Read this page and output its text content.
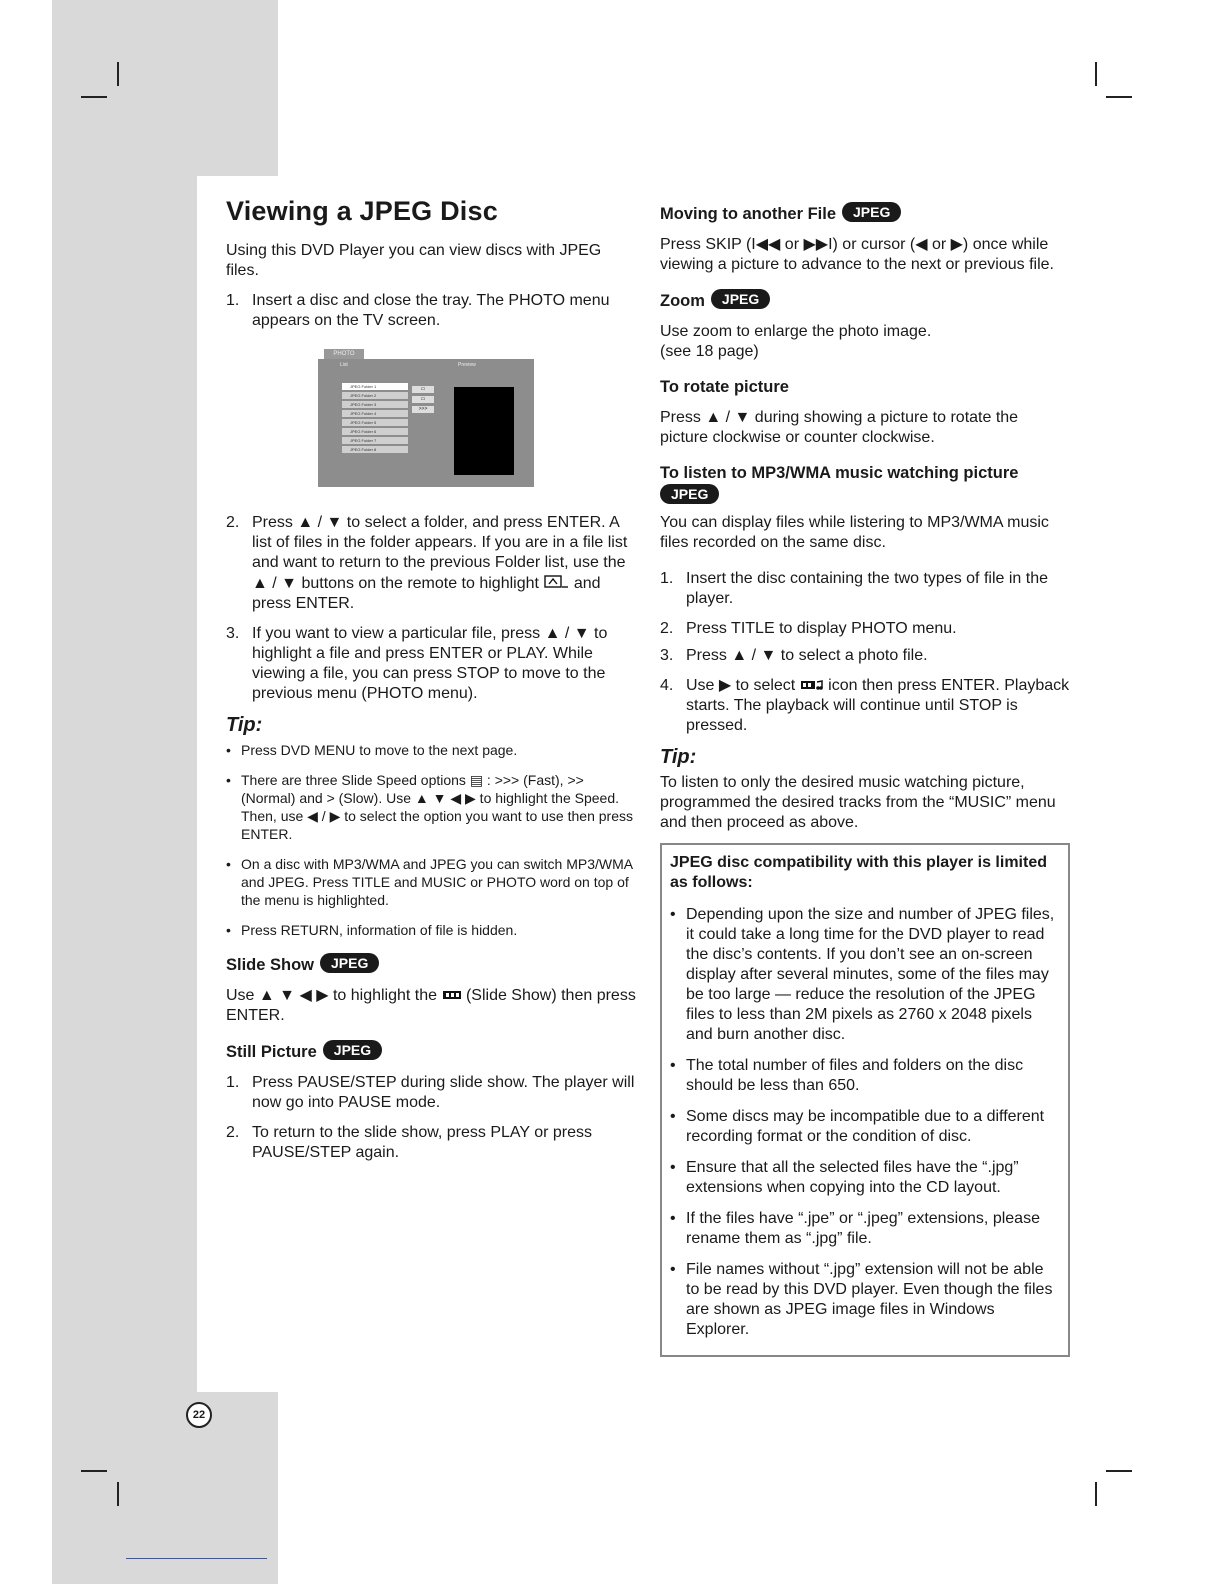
Viewing a JPEG Disc

Using this DVD Player you can view discs with JPEG files.

1. Insert a disc and close the tray. The PHOTO menu appears on the TV screen.
PHOTO
List	Preview
JPEG Folder 1
JPEG Folder 2
JPEG Folder 3
JPEG Folder 4
JPEG Folder 5
JPEG Folder 6
JPEG Folder 7
JPEG Folder 8
▭
▭
>>>
2. Press ▲ / ▼ to select a folder, and press ENTER. A list of files in the folder appears. If you are in a file list and want to return to the previous Folder list, use the ▲ / ▼ buttons on the remote to highlight and press ENTER.
3. If you want to view a particular file, press ▲ / ▼ to highlight a file and press ENTER or PLAY. While viewing a file, you can press STOP to move to the previous menu (PHOTO menu).
Tip:
• Press DVD MENU to move to the next page.
• There are three Slide Speed options ▤ : >>> (Fast), >> (Normal) and > (Slow). Use ▲ ▼ ◀ ▶ to highlight the Speed. Then, use ◀ / ▶ to select the option you want to use then press ENTER.
• On a disc with MP3/WMA and JPEG you can switch MP3/WMA and JPEG. Press TITLE and MUSIC or PHOTO word on top of the menu is highlighted.
• Press RETURN, information of file is hidden.
Slide Show JPEG

Use ▲ ▼ ◀ ▶ to highlight the (Slide Show) then press ENTER.

Still Picture JPEG
1. Press PAUSE/STEP during slide show. The player will now go into PAUSE mode.
2. To return to the slide show, press PLAY or press PAUSE/STEP again.
Moving to another File JPEG

Press SKIP (I◀◀ or ▶▶I) or cursor (◀ or ▶) once while viewing a picture to advance to the next or previous file.

Zoom JPEG

Use zoom to enlarge the photo image.

(see 18 page)

To rotate picture

Press ▲ / ▼ during showing a picture to rotate the picture clockwise or counter clockwise.

To listen to MP3/WMA music watching picture
JPEG

You can display files while listering to MP3/WMA music files recorded on the same disc.

1. Insert the disc containing the two types of file in the player.
2. Press TITLE to display PHOTO menu.
3. Press ▲ / ▼ to select a photo file.
4. Use ▶ to select icon then press ENTER. Playback starts. The playback will continue until STOP is pressed.
Tip:

To listen to only the desired music watching picture, programmed the desired tracks from the “MUSIC” menu and then proceed as above.

JPEG disc compatibility with this player is limited as follows:
• Depending upon the size and number of JPEG files, it could take a long time for the DVD player to read the disc’s contents. If you don’t see an on-screen display after several minutes, some of the files may be too large — reduce the resolution of the JPEG files to less than 2M pixels as 2760 x 2048 pixels and burn another disc.
• The total number of files and folders on the disc should be less than 650.
• Some discs may be incompatible due to a different recording format or the condition of disc.
• Ensure that all the selected files have the “.jpg” extensions when copying into the CD layout.
• If the files have “.jpe” or “.jpeg” extensions, please rename them as “.jpg” file.
• File names without “.jpg” extension will not be able to be read by this DVD player. Even though the files are shown as JPEG image files in Windows Explorer.
22
